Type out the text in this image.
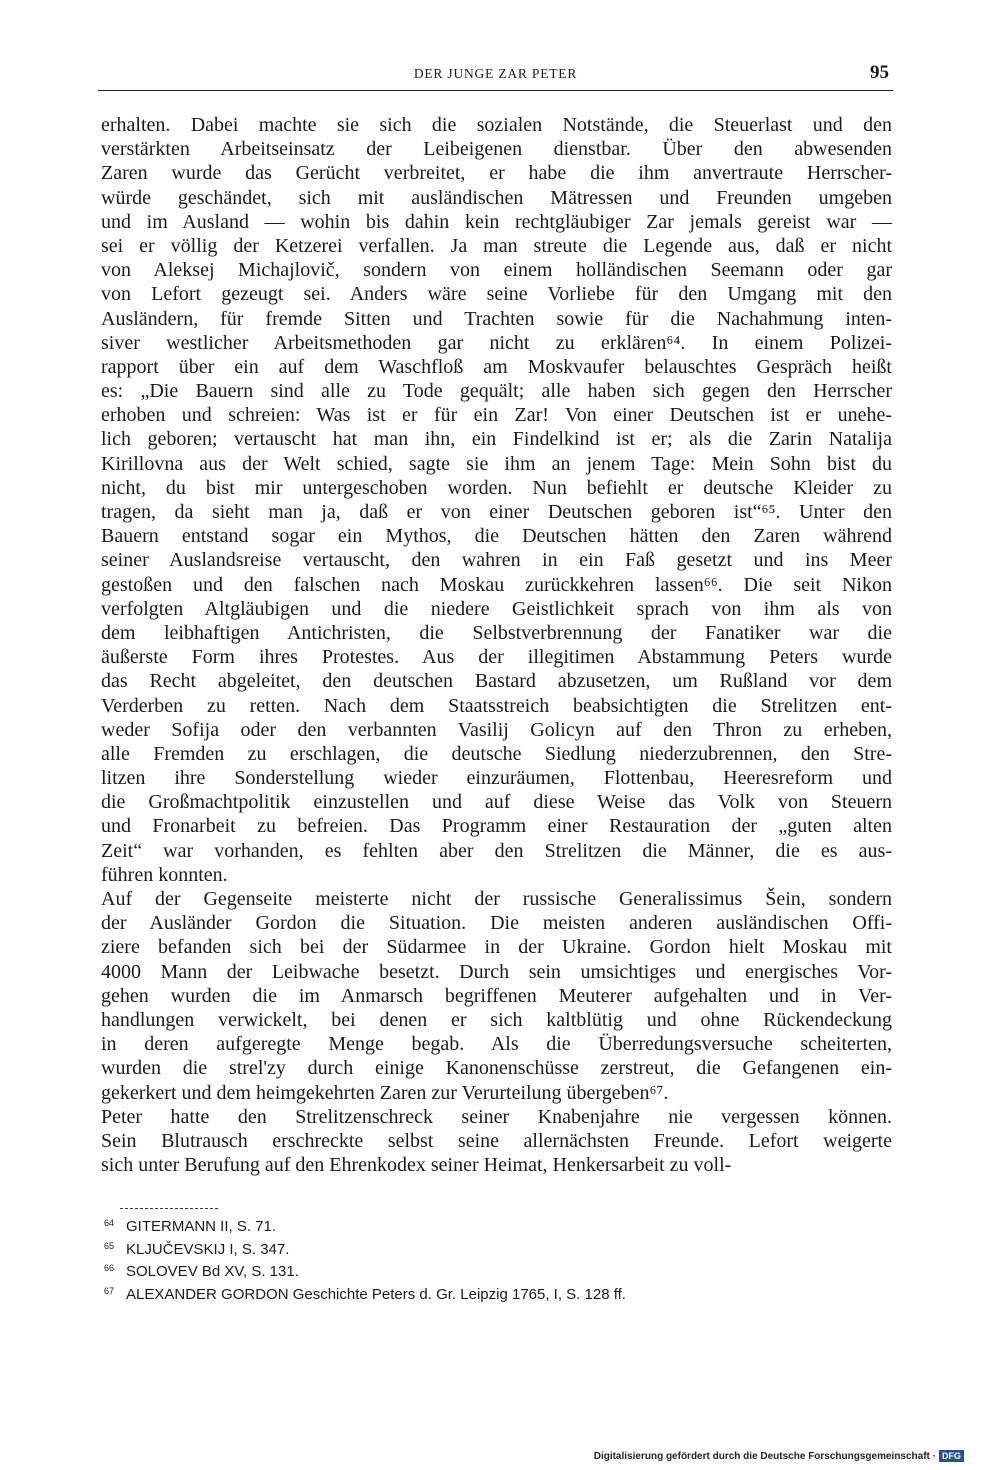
DER JUNGE ZAR PETER	95
erhalten. Dabei machte sie sich die sozialen Notstände, die Steuerlast und den
verstärkten Arbeitseinsatz der Leibeigenen dienstbar. Über den abwesenden
Zaren wurde das Gerücht verbreitet, er habe die ihm anvertraute Herrscher-
würde geschändet, sich mit ausländischen Mätressen und Freunden umgeben
und im Ausland — wohin bis dahin kein rechtgläubiger Zar jemals gereist war —
sei er völlig der Ketzerei verfallen. Ja man streute die Legende aus, daß er nicht
von Aleksej Michajlovič, sondern von einem holländischen Seemann oder gar
von Lefort gezeugt sei. Anders wäre seine Vorliebe für den Umgang mit den
Ausländern, für fremde Sitten und Trachten sowie für die Nachahmung inten-
siver westlicher Arbeitsmethoden gar nicht zu erklären⁶⁴. In einem Polizei-
rapport über ein auf dem Waschfloß am Moskvaufer belauschtes Gespräch heißt
es: „Die Bauern sind alle zu Tode gequält; alle haben sich gegen den Herrscher
erhoben und schreien: Was ist er für ein Zar! Von einer Deutschen ist er unehe-
lich geboren; vertauscht hat man ihn, ein Findelkind ist er; als die Zarin Natalija
Kirillovna aus der Welt schied, sagte sie ihm an jenem Tage: Mein Sohn bist du
nicht, du bist mir untergeschoben worden. Nun befiehlt er deutsche Kleider zu
tragen, da sieht man ja, daß er von einer Deutschen geboren ist“⁶⁵. Unter den
Bauern entstand sogar ein Mythos, die Deutschen hätten den Zaren während
seiner Auslandsreise vertauscht, den wahren in ein Faß gesetzt und ins Meer
gestoßen und den falschen nach Moskau zurückkehren lassen⁶⁶. Die seit Nikon
verfolgten Altgläubigen und die niedere Geistlichkeit sprach von ihm als von
dem leibhaftigen Antichristen, die Selbstverbrennung der Fanatiker war die
äußerste Form ihres Protestes. Aus der illegitimen Abstammung Peters wurde
das Recht abgeleitet, den deutschen Bastard abzusetzen, um Rußland vor dem
Verderben zu retten. Nach dem Staatsstreich beabsichtigten die Strelitzen ent-
weder Sofija oder den verbannten Vasilij Golicyn auf den Thron zu erheben,
alle Fremden zu erschlagen, die deutsche Siedlung niederzubrennen, den Stre-
litzen ihre Sonderstellung wieder einzuräumen, Flottenbau, Heeresreform und
die Großmachtpolitik einzustellen und auf diese Weise das Volk von Steuern
und Fronarbeit zu befreien. Das Programm einer Restauration der „guten alten
Zeit“ war vorhanden, es fehlten aber den Strelitzen die Männer, die es aus-
führen konnten.
Auf der Gegenseite meisterte nicht der russische Generalissimus Šein, sondern
der Ausländer Gordon die Situation. Die meisten anderen ausländischen Offi-
ziere befanden sich bei der Südarmee in der Ukraine. Gordon hielt Moskau mit
4000 Mann der Leibwache besetzt. Durch sein umsichtiges und energisches Vor-
gehen wurden die im Anmarsch begriffenen Meuterer aufgehalten und in Ver-
handlungen verwickelt, bei denen er sich kaltblütig und ohne Rückendeckung
in deren aufgeregte Menge begab. Als die Überredungsversuche scheiterten,
wurden die strel'zy durch einige Kanonenschüsse zerstreut, die Gefangenen ein-
gekerkert und dem heimgekehrten Zaren zur Verurteilung übergeben⁶⁷.
Peter hatte den Strelitzenschreck seiner Knabenjahre nie vergessen können.
Sein Blutrausch erschreckte selbst seine allernächsten Freunde. Lefort weigerte
sich unter Berufung auf den Ehrenkodex seiner Heimat, Henkersarbeit zu voll-
64 GITERMANN II, S. 71.
65 KLJUČEVSKIJ I, S. 347.
66 SOLOVEV Bd XV, S. 131.
67 ALEXANDER GORDON Geschichte Peters d. Gr. Leipzig 1765, I, S. 128 ff.
Digitalisierung gefördert durch die Deutsche Forschungsgemeinschaft · DFG
